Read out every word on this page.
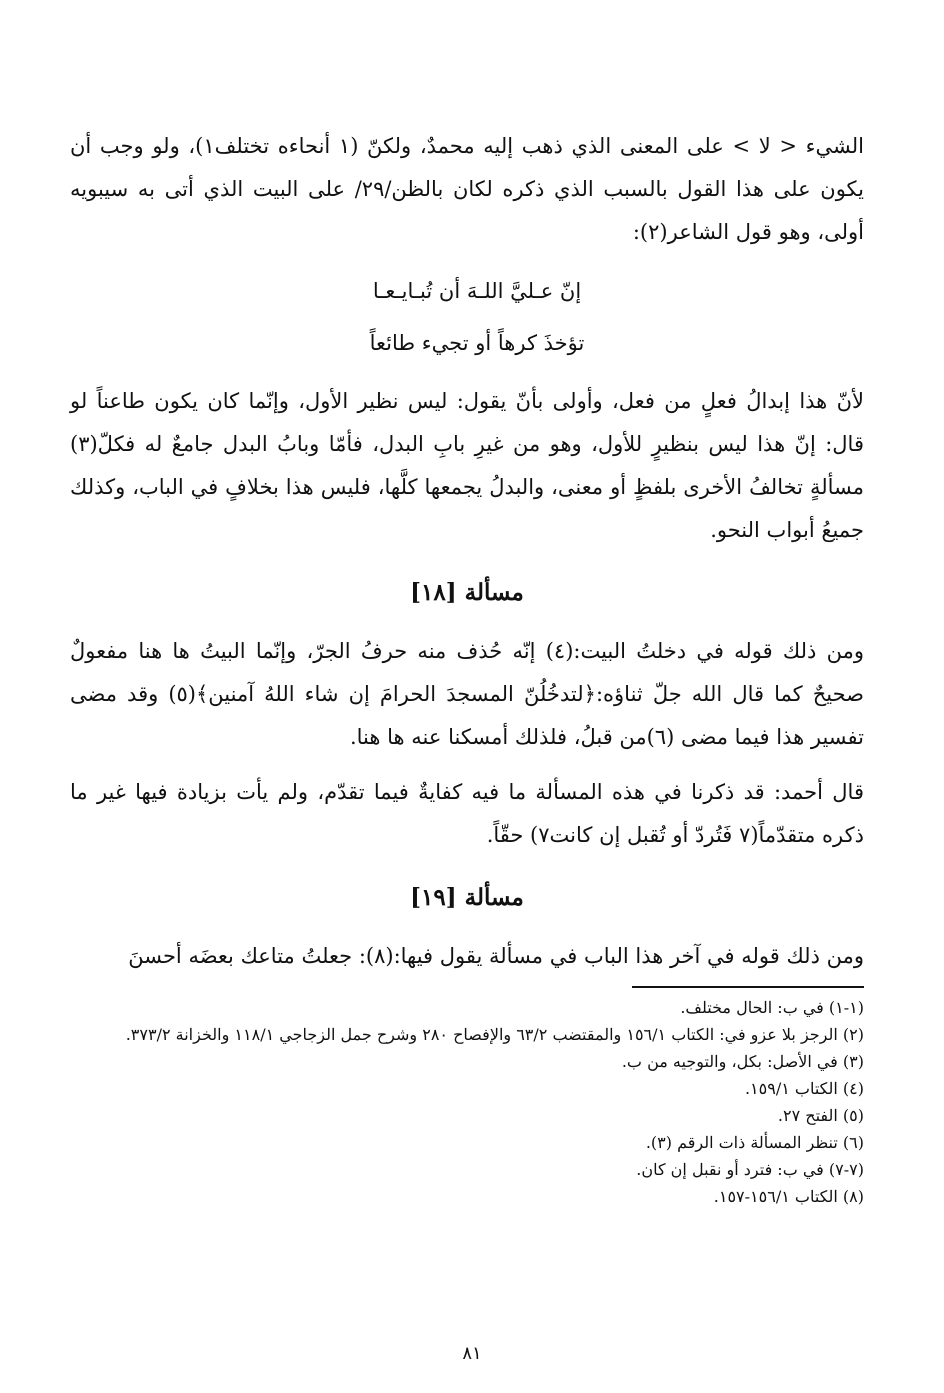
الشيء < لا > على المعنى الذي ذهب إليه محمدٌ، ولكنّ (١ أنحاءه تختلف١)، ولو وجب أن يكون على هذا القول بالسبب الذي ذكره لكان بالظن/٢٩/ على البيت الذي أتى به سيبويه أولى، وهو قول الشاعر(٢):

إنّ عـليَّ اللـهَ أن تُبـايـعـا

تؤخذَ كرهاً أو تجيء طائعاً

لأنّ هذا إبدالُ فعلٍ من فعل، وأولى بأنّ يقول: ليس نظير الأول، وإنّما كان يكون طاعناً لو قال: إنّ هذا ليس بنظيرٍ للأول، وهو من غيرِ بابِ البدل، فأمّا وبابُ البدل جامعٌ له فكلّ(٣) مسألةٍ تخالفُ الأخرى بلفظٍ أو معنى، والبدلُ يجمعها كلَّها، فليس هذا بخلافٍ في الباب، وكذلك جميعُ أبواب النحو.

مسألة [١٨]

ومن ذلك قوله في دخلتُ البيت:(٤) إنّه حُذف منه حرفُ الجرّ، وإنّما البيتُ ها هنا مفعولٌ صحيحٌ كما قال الله جلّ ثناؤه:﴿لتدخُلُنّ المسجدَ الحرامَ إن شاء اللهُ آمنين﴾(٥) وقد مضى تفسير هذا فيما مضى (٦)من قبلُ، فلذلك أمسكنا عنه ها هنا.

قال أحمد: قد ذكرنا في هذه المسألة ما فيه كفايةٌ فيما تقدّم، ولم يأت بزيادة فيها غير ما ذكره متقدّماً(٧ فَتُردّ أو تُقبل إن كانت٧) حقّاً.

مسألة [١٩]

ومن ذلك قوله في آخر هذا الباب في مسألة يقول فيها:(٨): جعلتُ متاعك بعضَه أحسنَ

(١-١) في ب: الحال مختلف.
(٢) الرجز بلا عزو في: الكتاب ١٥٦/١ والمقتضب ٦٣/٢ والإفصاح ٢٨٠ وشرح جمل الزجاجي ١١٨/١ والخزانة ٣٧٣/٢.
(٣) في الأصل: بكل، والتوجيه من ب.
(٤) الكتاب ١٥٩/١.
(٥) الفتح ٢٧.
(٦) تنظر المسألة ذات الرقم (٣).
(٧-٧) في ب: فترد أو نقبل إن كان.
(٨) الكتاب ١٥٦/١-١٥٧.
٨١
